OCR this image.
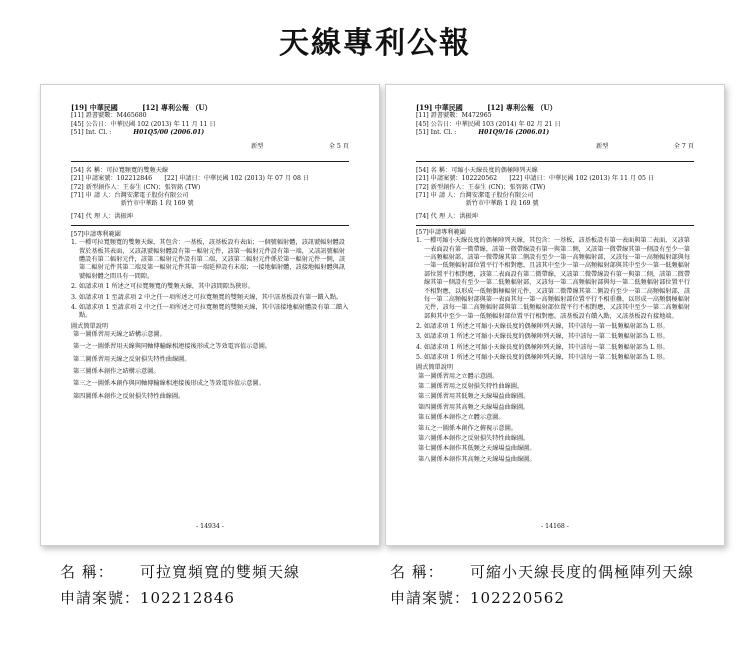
天線專利公報
[19] 中華民國	[12] 專利公報 （U）
[11] 證書號數：M465680
[45] 公告日：中華民國 102 (2013) 年 11 月 11 日
[51] Int. Cl. :	H01Q5/00 (2006.01)
新型	全 5 頁
[54] 名 稱：可拉寬頻寬的雙頻天線
[21] 申請案號：102212846　　[22] 申請日：中華民國 102 (2013) 年 07 月 08 日
[72] 新型創作人：王泰生 (CN)；張智銘 (TW)
[71] 申 請 人：台灣安潔電子股份有限公司
　　　　　　　　新竹市中華路 1 段 169 號
[74] 代 理 人：洪振坤
[57]申請專利範圍

1. 一種可拉寬頻寬的雙頻天線，其包含：一基板，該基板設有表面；一個號輻射體，該訊號輻射體設置於基板其表面，又該訊號輻射體設有第一輻射元件，該第一輻射元件設有第一端，又該訊號輻射體設有第二輻射元件，該第二輻射元件設有第二端，又該第二輻射元件係於第一輻射元件一側，該第二輻射元件其第二端及第一輻射元件其第一端延伸設有末端；一接地輻射體，該接地輻射體與訊號輻射體之間具有一間隙。

2. 如請求項 1 所述之可拉寬頻寬的雙頻天線，其中該間隙為狹形。

3. 如請求項 1 至請求項 2 中之任一項所述之可拉寬頻寬的雙頻天線，其中該基板設有第一饋入點。

4. 如請求項 1 至請求項 2 中之任一項所述之可拉寬頻寬的雙頻天線，其中該接地輻射體設有第二饋入點。

圖式簡單說明

第一圖係習用天線之結構示意圖。

第一之一圖係習用天線與同軸傳輸線相連接後形成之等效電容值示意圖。

第二圖係習用天線之反射損失特性曲線圖。

第三圖係本創作之結構示意圖。

第三之一圖係本創作與同軸傳輸線相連接後形成之等效電容值示意圖。

第四圖係本創作之反射損失特性曲線圖。

- 14934 -
[19] 中華民國	[12] 專利公報 （U）
[11] 證書號數：M472965
[45] 公告日：中華民國 103 (2014) 年 02 月 21 日
[51] Int. Cl. :	H01Q9/16 (2006.01)
新型	全 7 頁
[54] 名 稱：可縮小天線長度的偶極陣列天線
[21] 申請案號：102220562　　[22] 申請日：中華民國 102 (2013) 年 11 月 05 日
[72] 新型創作人：王泰生 (CN)；張智銘 (TW)
[71] 申 請 人：台灣安潔電子股份有限公司
　　　　　　　　新竹市中華路 1 段 169 號
[74] 代 理 人：洪振坤
[57]申請專利範圍

1. 一種可縮小天線長度的偶極陣列天線，其包含：一基板，該基板設有第一表面與第二表面，又該第一表面設有第一微帶線，該第一微帶線設有第一與第二側，又該第一微帶線其第一側設有至少一第一高頻輻射部，該第一微帶線其第二側設有至少一第一高頻輻射部，又該每一第一高頻輻射部與每一第一低頻輻射部位置平行不相對應，且該其中至少一第一高頻輻射部與其中至少一第一低頻輻射部位置平行相對應，該第二表面設有第二微帶線，又該第二微帶線設有第一與第二側，該第二微帶線其第一側設有至少一第二低頻輻射部，又該每一第二高頻輻射部與每一第二低頻輻射部位置平行不相對應，以形成一低頻偶極輻射元件，又該第二微帶線其第二側設有至少一第二高頻輻射部，該每一第二高頻輻射部與第一表面其每一第一高頻輻射部位置平行不相重疊，以形成一高頻偶極輻射元件，該每一第二高頻輻射部與第二低頻輻射部位置平行不相對應，又該其中至少一第二高頻輻射部與其中至少一第一低頻輻射部位置平行相對應。該基板設有饋入點，又該基板設有接地端。

2. 如請求項 1 所述之可縮小天線長度的偶極陣列天線，其中該每一第一低頻輻射部為 L 形。

3. 如請求項 1 所述之可縮小天線長度的偶極陣列天線，其中該每一第二低頻輻射部為 L 形。

4. 如請求項 1 所述之可縮小天線長度的偶極陣列天線，其中該每一第二低頻輻射部為 L 形。

5. 如請求項 1 所述之可縮小天線長度的偶極陣列天線，其中該每一第二低頻輻射部為 L 形。

圖式簡單說明

第一圖係習用之立體示意圖。

第二圖係習用之反射損失特性曲線圖。

第三圖係習用其低頻之天線場益曲線圖。

第四圖係習用其高頻之天線場益曲線圖。

第五圖係本創作之立體示意圖。

第五之一圖係本創作之俯視示意圖。

第六圖係本創作之反射損失特性曲線圖。

第七圖係本創作其低頻之天線場益曲線圖。

第八圖係本創作其高頻之天線場益曲線圖。

- 14168 -
名 稱： 可拉寬頻寬的雙頻天線
申請案號：102212846
名 稱： 可縮小天線長度的偶極陣列天線
申請案號：102220562
